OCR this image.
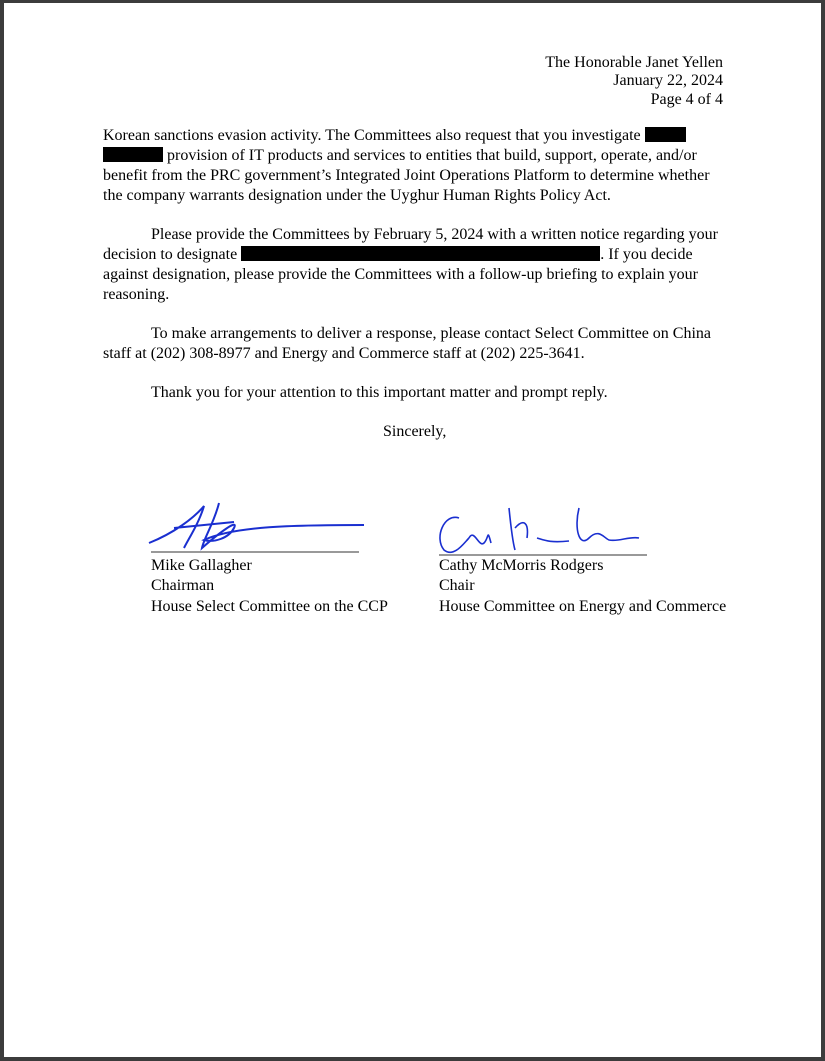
The Honorable Janet Yellen
January 22, 2024
Page 4 of 4
Korean sanctions evasion activity. The Committees also request that you investigate
provision of IT products and services to entities that build, support, operate, and/or
benefit from the PRC government’s Integrated Joint Operations Platform to determine whether
the company warrants designation under the Uyghur Human Rights Policy Act.
Please provide the Committees by February 5, 2024 with a written notice regarding your
decision to designate	. If you decide
against designation, please provide the Committees with a follow-up briefing to explain your
reasoning.
To make arrangements to deliver a response, please contact Select Committee on China
staff at (202) 308-8977 and Energy and Commerce staff at (202) 225-3641.
Thank you for your attention to this important matter and prompt reply.
Sincerely,
Mike Gallagher
Chairman
House Select Committee on the CCP
Cathy McMorris Rodgers
Chair
House Committee on Energy and Commerce
